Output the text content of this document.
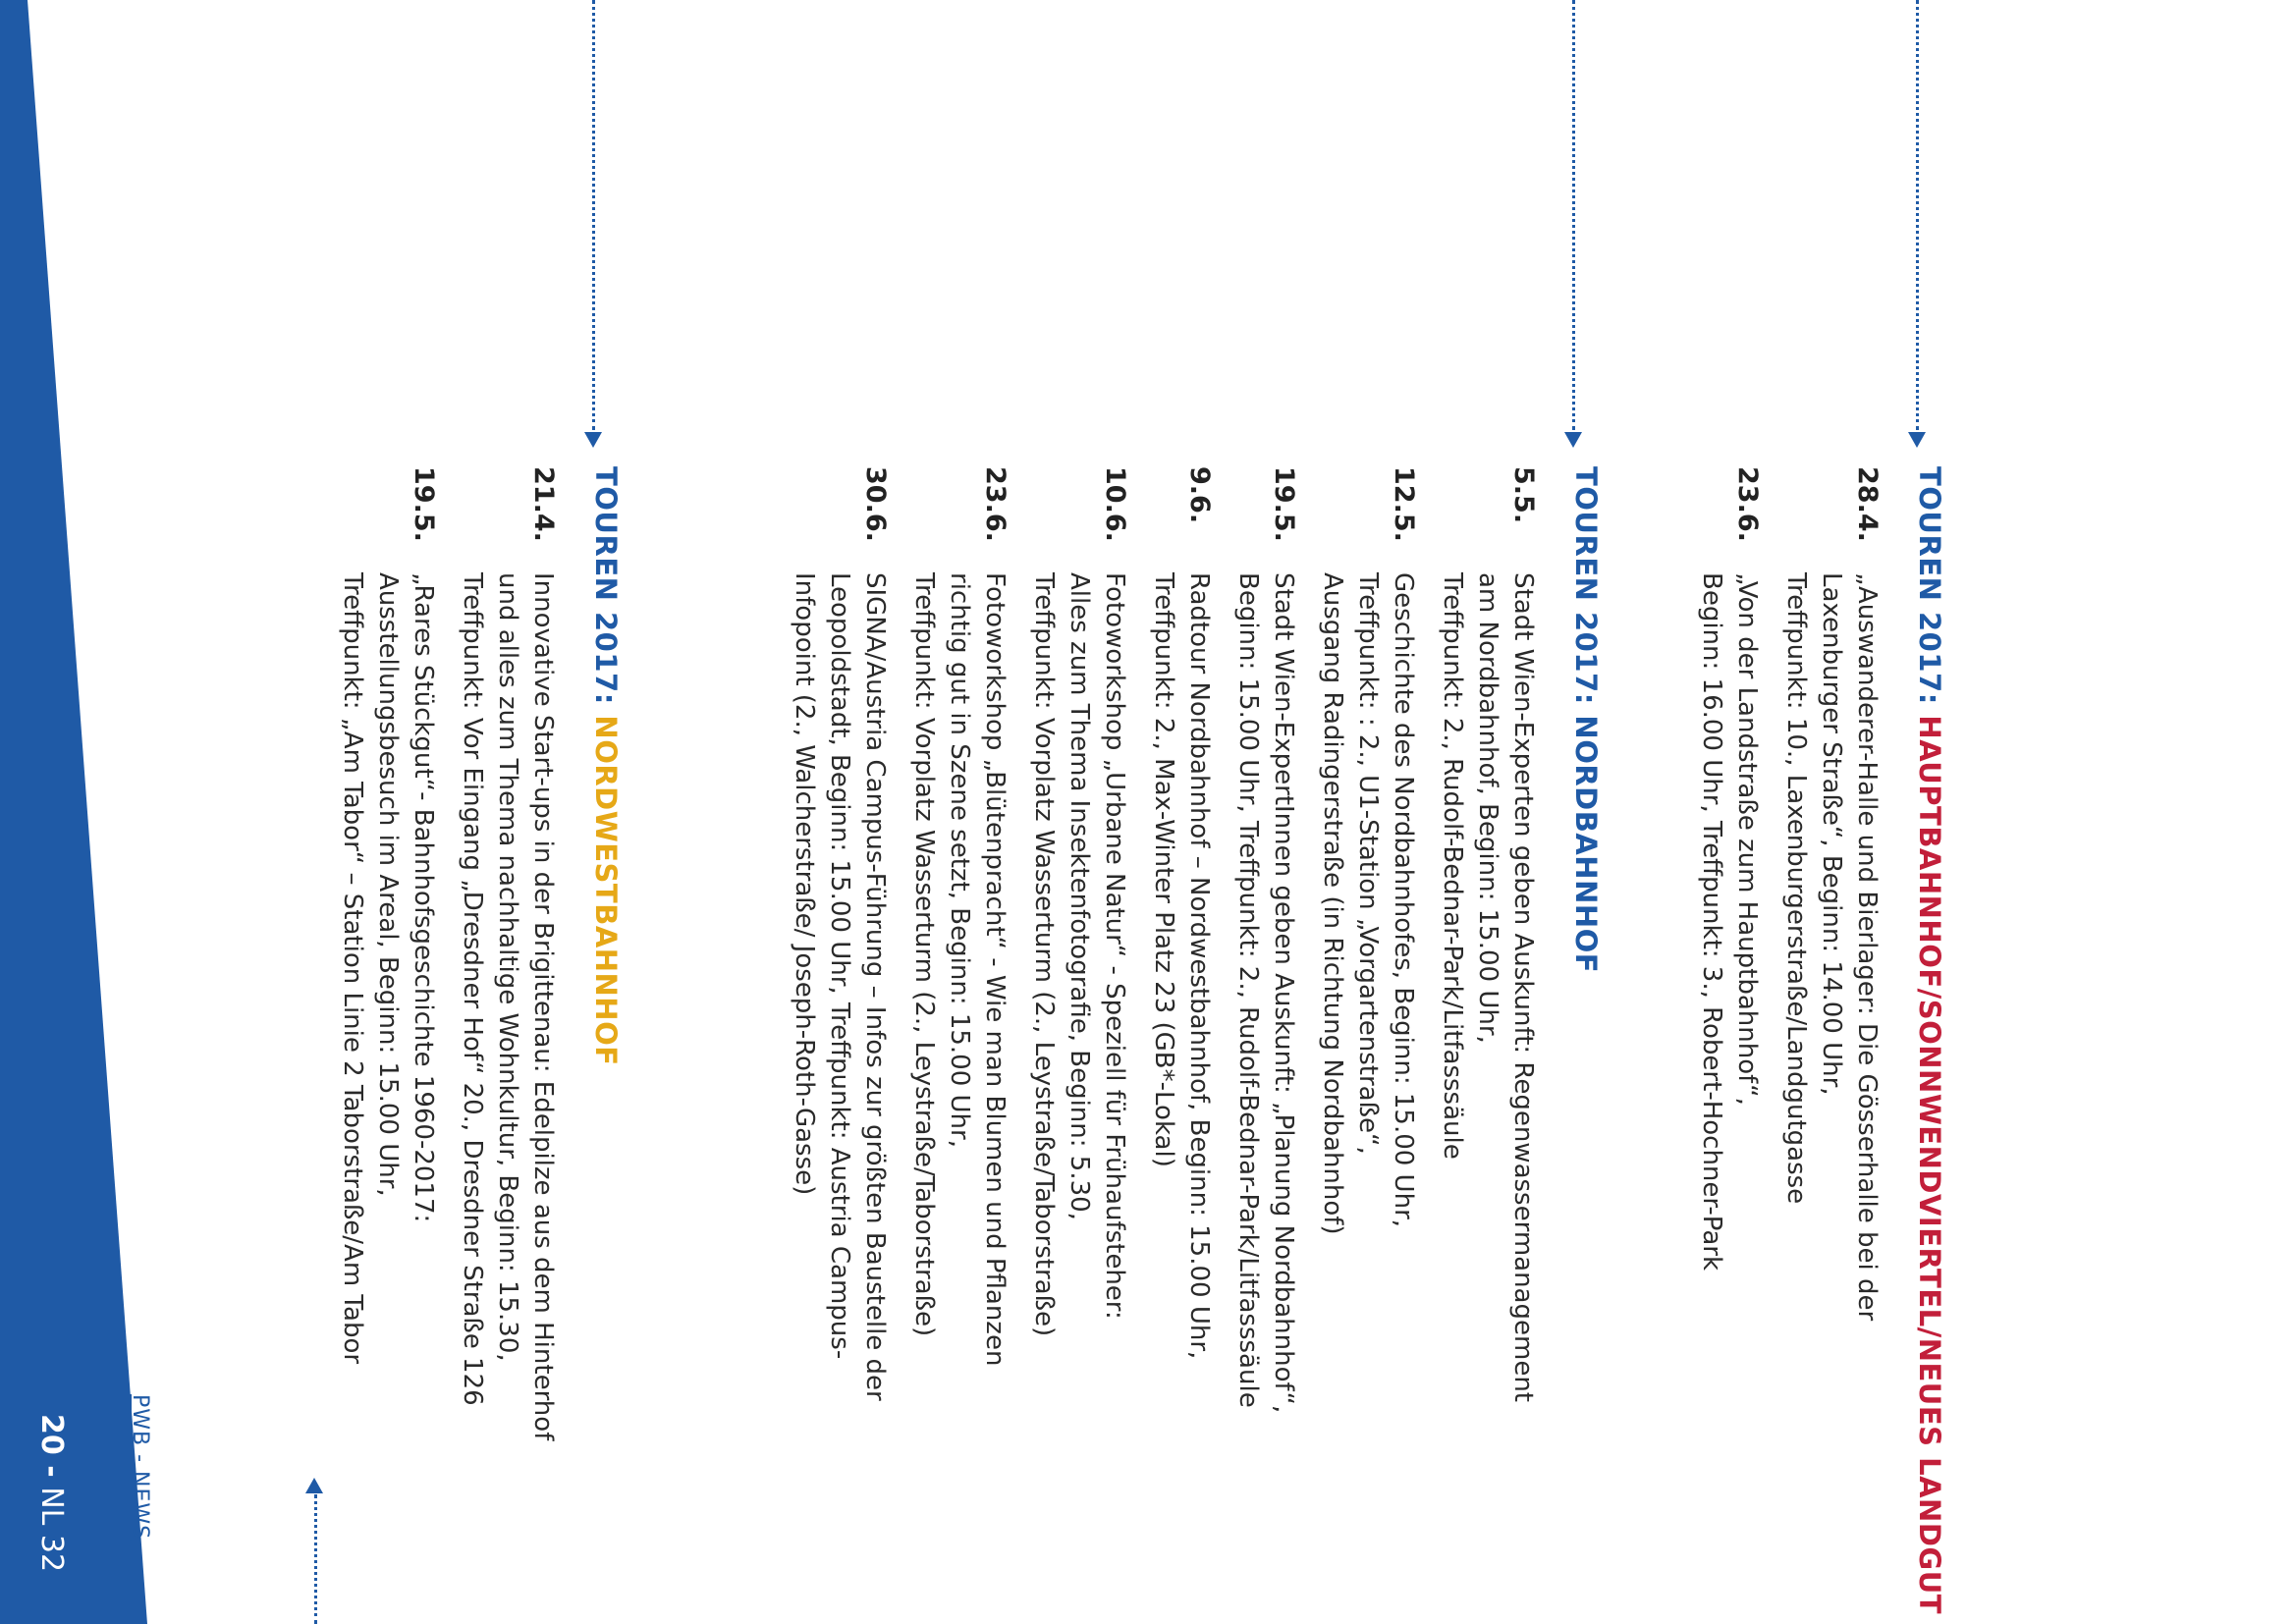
20 - NL 32	PWB - NEWS
TOUREN 2017: HAUPTBAHNHOF/SONNWENDVIERTEL/NEUES LANDGUT
28.4.
„Auswanderer-Halle und Bierlager: Die Gösserhalle bei der
Laxenburger Straße“, Beginn: 14.00 Uhr,
Treffpunkt: 10., Laxenburgerstraße/Landgutgasse
23.6.
„Von der Landstraße zum Hauptbahnhof“,
Beginn: 16.00 Uhr, Treffpunkt: 3., Robert-Hochner-Park
TOUREN 2017: NORDBAHNHOF
5.5.
Stadt Wien-Experten geben Auskunft: Regenwassermanagement
am Nordbahnhof, Beginn: 15.00 Uhr,
Treffpunkt: 2., Rudolf-Bednar-Park/Litfasssäule
12.5.
Geschichte des Nordbahnhofes, Beginn: 15.00 Uhr,
Treffpunkt: : 2., U1-Station „Vorgartenstraße“,
Ausgang Radingerstraße (in Richtung Nordbahnhof)
19.5.
Stadt Wien-ExpertInnen geben Auskunft: „Planung Nordbahnhof“,
Beginn: 15.00 Uhr, Treffpunkt: 2., Rudolf-Bednar-Park/Litfasssäule
9.6.
Radtour Nordbahnhof – Nordwestbahnhof, Beginn: 15.00 Uhr,
Treffpunkt: 2., Max-Winter Platz 23 (GB*-Lokal)
10.6.
Fotoworkshop „Urbane Natur“ - Speziell für Frühaufsteher:
Alles zum Thema Insektenfotografie, Beginn: 5.30,
Treffpunkt: Vorplatz Wasserturm (2., Leystraße/Taborstraße)
23.6.
Fotoworkshop „Blütenpracht“ - Wie man Blumen und Pflanzen
richtig gut in Szene setzt, Beginn: 15.00 Uhr,
Treffpunkt: Vorplatz Wasserturm (2., Leystraße/Taborstraße)
30.6.
SIGNA/Austria Campus-Führung – Infos zur größten Baustelle der
Leopoldstadt, Beginn: 15.00 Uhr, Treffpunkt: Austria Campus-
Infopoint (2., Walcherstraße/ Joseph-Roth-Gasse)
TOUREN 2017: NORDWESTBAHNHOF
21.4.
Innovative Start-ups in der Brigittenau: Edelpilze aus dem Hinterhof
und alles zum Thema nachhaltige Wohnkultur, Beginn: 15.30,
Treffpunkt: Vor Eingang „Dresdner Hof“ 20., Dresdner Straße 126
19.5.
„Rares Stückgut“- Bahnhofsgeschichte 1960-2017:
Ausstellungsbesuch im Areal, Beginn: 15.00 Uhr,
Treffpunkt: „Am Tabor“ – Station Linie 2 Taborstraße/Am Tabor
